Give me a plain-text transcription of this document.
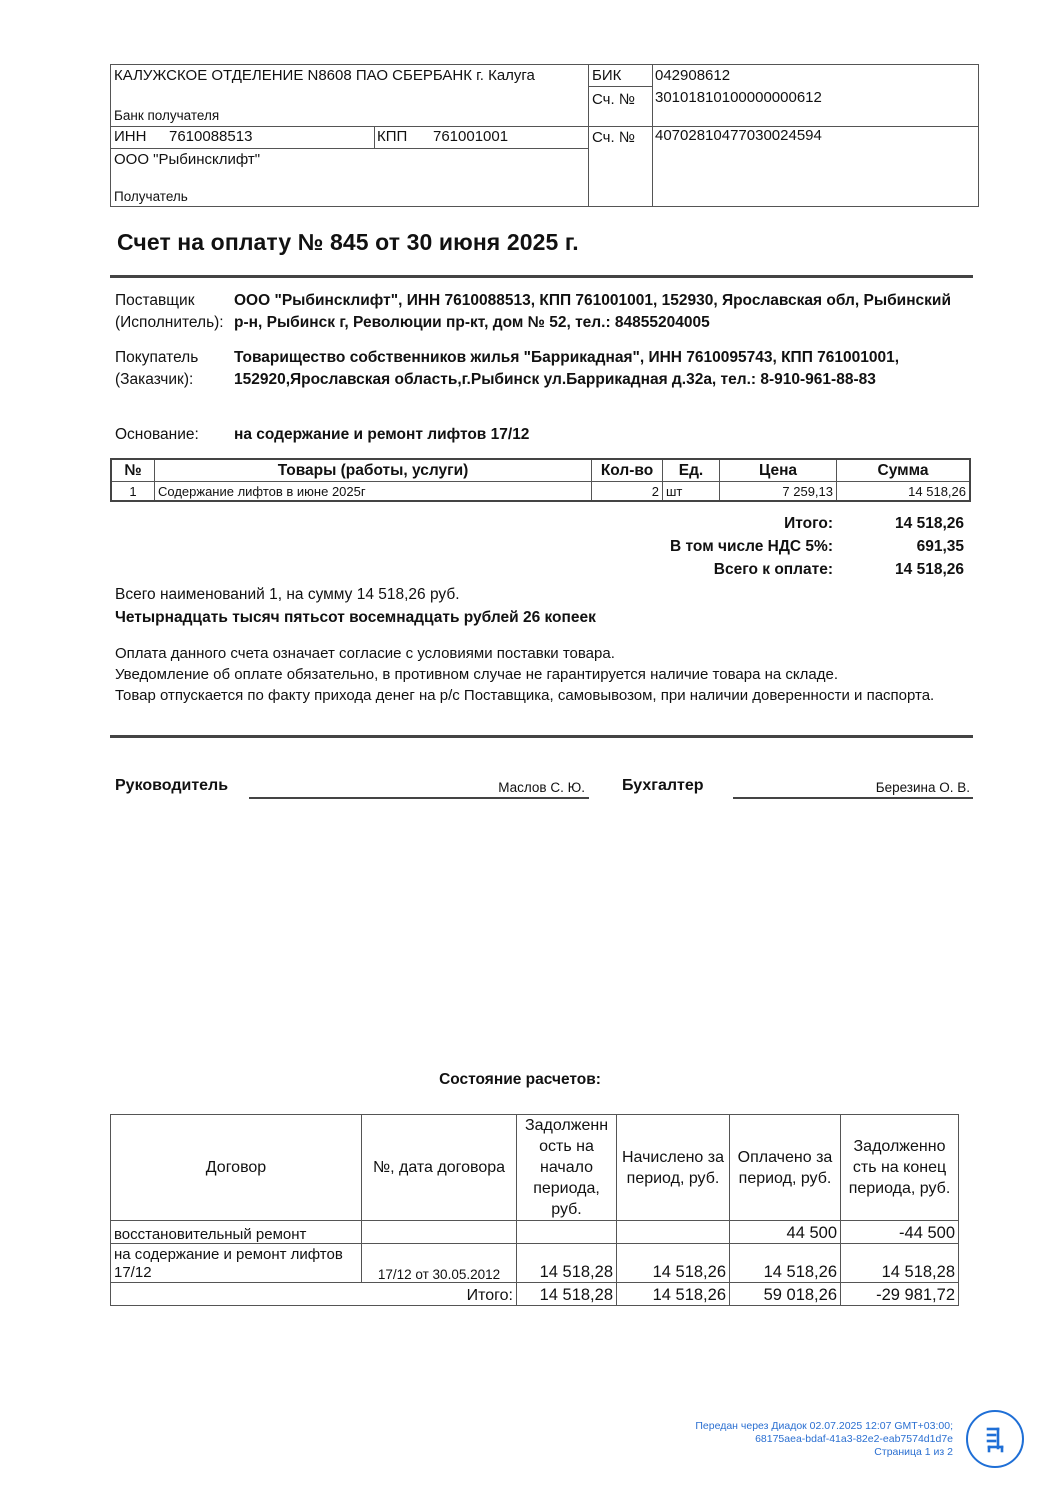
КАЛУЖСКОЕ ОТДЕЛЕНИЕ N8608 ПАО СБЕРБАНК г. Калуга
Банк получателя
ИНН 7610088513	КПП 761001001
ООО "Рыбинсклифт"
Получатель
БИК 042908612
Сч. № 30101810100000000612
Сч. № 40702810477030024594
Счет на оплату № 845 от 30 июня 2025 г.
Поставщик
(Исполнитель):
ООО "Рыбинсклифт", ИНН 7610088513, КПП 761001001, 152930, Ярославская обл, Рыбинский р-н, Рыбинск г, Революции пр-кт, дом № 52, тел.: 84855204005
Покупатель
(Заказчик):
Товарищество собственников жилья "Баррикадная", ИНН 7610095743, КПП 761001001, 152920,Ярославская область,г.Рыбинск ул.Баррикадная д.32а, тел.: 8-910-961-88-83
Основание: на содержание и ремонт лифтов 17/12
№	Товары (работы, услуги)	Кол-во	Ед.	Цена	Сумма
1	Содержание лифтов в июне 2025г	2	шт	7 259,13	14 518,26
Итого:	14 518,26
В том числе НДС 5%:	691,35
Всего к оплате:	14 518,26
Всего наименований 1, на сумму 14 518,26 руб.
Четырнадцать тысяч пятьсот восемнадцать рублей 26 копеек
Оплата данного счета означает согласие с условиями поставки товара.
Уведомление об оплате обязательно, в противном случае не гарантируется наличие товара на складе.
Товар отпускается по факту прихода денег на р/с Поставщика, самовывозом, при наличии доверенности и паспорта.
Руководитель	Маслов С. Ю. Бухгалтер	Березина О. В.
Состояние расчетов:
Договор	№, дата договора	Задолженн ость на начало периода, руб.	Начислено за период, руб.	Оплачено за период, руб.	Задолженно сть на конец периода, руб.
восстановительный ремонт				44 500	-44 500
на содержание и ремонт лифтов 17/12	17/12 от 30.05.2012	14 518,28	14 518,26	14 518,26	14 518,28
Итого:		14 518,28	14 518,26	59 018,26	-29 981,72
Передан через Диадок 02.07.2025 12:07 GMT+03:00;
68175aea-bdaf-41a3-82e2-eab7574d1d7e
Страница 1 из 2
